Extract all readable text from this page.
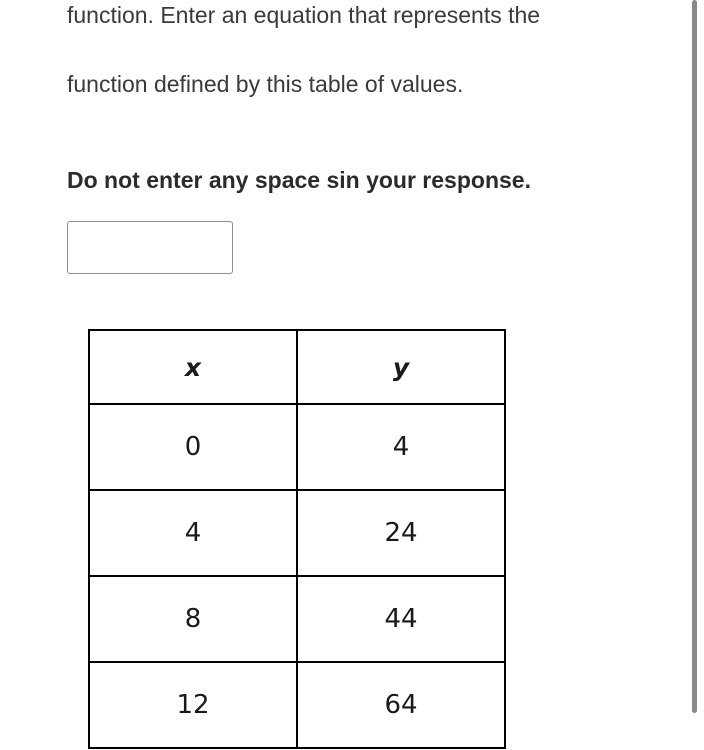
function. Enter an equation that represents the

function defined by this table of values.

Do not enter any space sin your response.

x	y
0	4
4	24
8	44
12	64
